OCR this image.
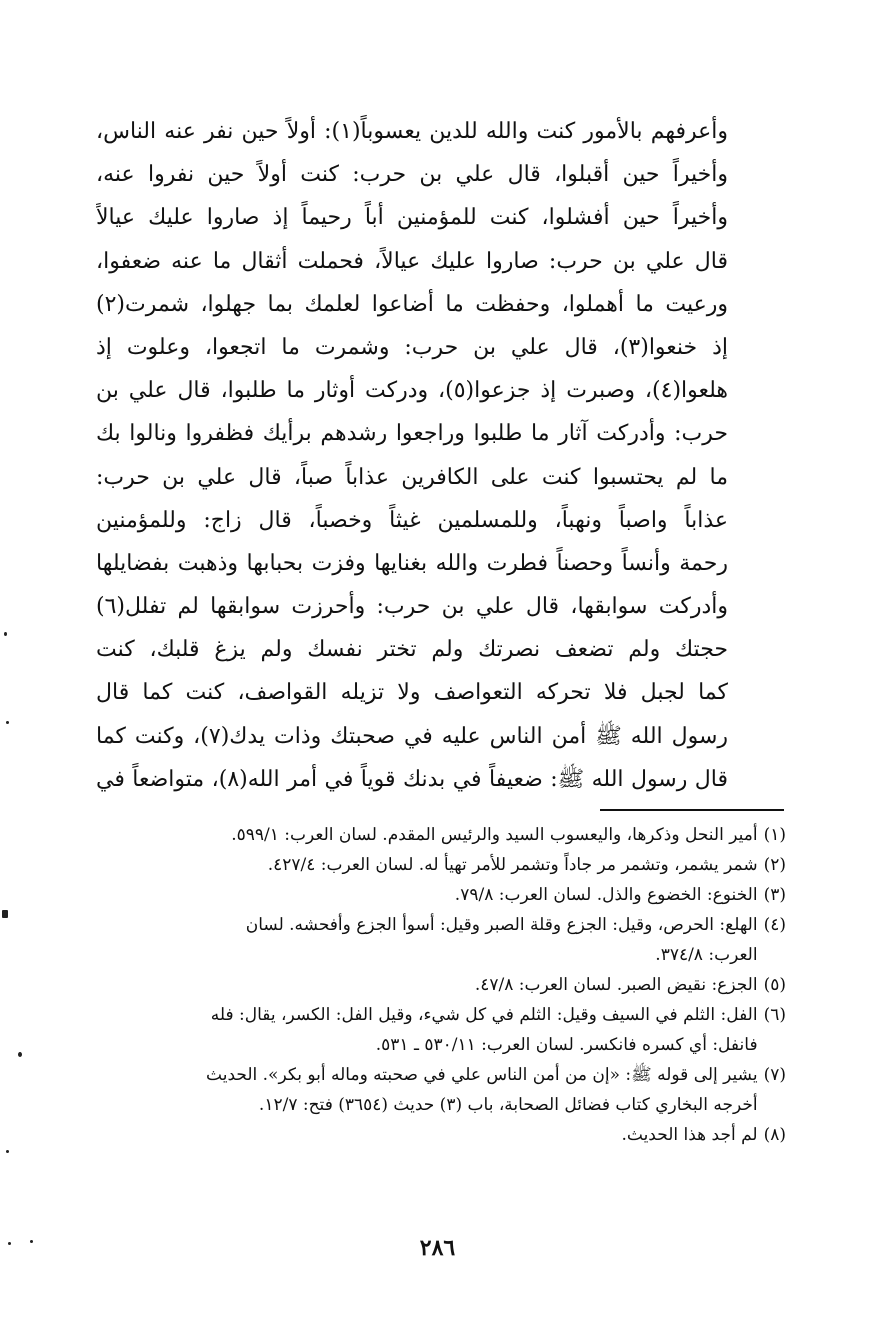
وأعرفهم بالأمور كنت والله للدين يعسوباً(١): أولاً حين نفر عنه الناس،
وأخيراً حين أقبلوا، قال علي بن حرب: كنت أولاً حين نفروا عنه،
وأخيراً حين أفشلوا، كنت للمؤمنين أباً رحيماً إذ صاروا عليك عيالاً
قال علي بن حرب: صاروا عليك عيالاً، فحملت أثقال ما عنه ضعفوا،
ورعيت ما أهملوا، وحفظت ما أضاعوا لعلمك بما جهلوا، شمرت(٢)
إذ خنعوا(٣)، قال علي بن حرب: وشمرت ما اتجعوا، وعلوت إذ
هلعوا(٤)، وصبرت إذ جزعوا(٥)، ودركت أوثار ما طلبوا، قال علي بن
حرب: وأدركت آثار ما طلبوا وراجعوا رشدهم برأيك فظفروا ونالوا بك
ما لم يحتسبوا كنت على الكافرين عذاباً صباً، قال علي بن حرب:
عذاباً واصباً ونهباً، وللمسلمين غيثاً وخصباً، قال زاج: وللمؤمنين
رحمة وأنساً وحصناً فطرت والله بغنايها وفزت بحبابها وذهبت بفضايلها
وأدركت سوابقها، قال علي بن حرب: وأحرزت سوابقها لم تفلل(٦)
حجتك ولم تضعف نصرتك ولم تختر نفسك ولم يزغ قلبك، كنت
كما لجبل فلا تحركه التعواصف ولا تزيله القواصف، كنت كما قال
رسول الله ﷺ أمن الناس عليه في صحبتك وذات يدك(٧)، وكنت كما
قال رسول الله ﷺ: ضعيفاً في بدنك قوياً في أمر الله(٨)، متواضعاً في
(١)
أمير النحل وذكرها، واليعسوب السيد والرئيس المقدم. لسان العرب: ٥٩٩/١.
(٢)
شمر يشمر، وتشمر مر جاداً وتشمر للأمر تهيأ له. لسان العرب: ٤٢٧/٤.
(٣)
الخنوع: الخضوع والذل. لسان العرب: ٧٩/٨.
(٤)
الهلع: الحرص، وقيل: الجزع وقلة الصبر وقيل: أسوأ الجزع وأفحشه. لسان
العرب: ٣٧٤/٨.
(٥)
الجزع: نقيض الصبر. لسان العرب: ٤٧/٨.
(٦)
الفل: الثلم في السيف وقيل: الثلم في كل شيء، وقيل الفل: الكسر، يقال: فله
فانفل: أي كسره فانكسر. لسان العرب: ٥٣٠/١١ ـ ٥٣١.
(٧)
يشير إلى قوله ﷺ: «إن من أمن الناس علي في صحبته وماله أبو بكر». الحديث
أخرجه البخاري كتاب فضائل الصحابة، باب (٣) حديث (٣٦٥٤) فتح: ١٢/٧.
(٨)
لم أجد هذا الحديث.
٢٨٦
